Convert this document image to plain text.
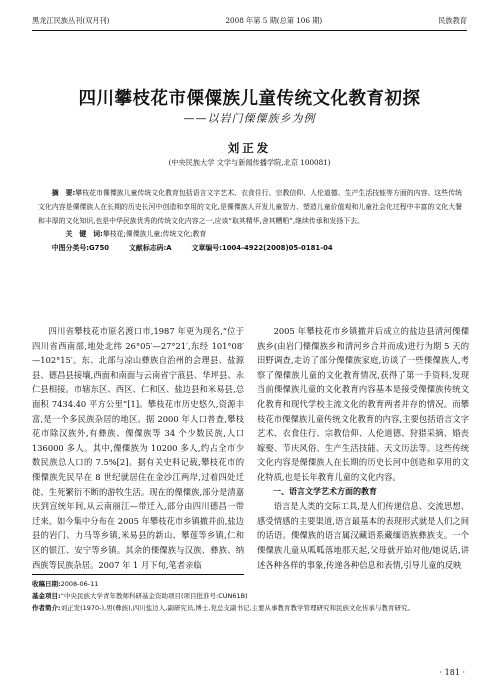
黑龙江民族丛刊(双月刊)	2008 年第 5 期(总第 106 期)	民族教育
四川攀枝花市傈僳族儿童传统文化教育初探
——以岩门傈僳族乡为例
刘正发
(中央民族大学 文学与新闻传播学院,北京 100081)

摘　要:攀枝花市傈僳族儿童传统文化教育包括语言文字艺术、衣食住行、宗教信仰、人伦道德、生产生活技能等方面的内容。这些传统文化内容是傈僳族人在长期的历史长河中创造和享用的文化,是傈僳族人开发儿童智力、塑造儿童价值观和儿童社会化过程中丰富的文化大餐和丰厚的文化知识,也是中华民族优秀的传统文化内容之一,应该“取其精华,舍其糟粕”,继续传承和发扬下去。

关　键　词:攀枝花;傈僳族儿童;传统文化;教育

中图分类号:G750	文献标志码:A	文章编号:1004-4922(2008)05-0181-04

四川省攀枝花市原名渡口市,1987 年更为现名,“位于四川省西南部,地处北纬 26°05′—27°21′,东经 101°08′—102°15′。东、北部与凉山彝族自治州的会理县、盐源县、德昌县接壤,西面和南面与云南省宁蒗县、华坪县、永仁县相接。市辖东区、西区、仁和区、盐边县和米易县,总面积 7434.40 平方公里”[1]。攀枝花市历史悠久,资源丰富,是一个多民族杂居的地区。据 2000 年人口普查,攀枝花市除汉族外,有彝族、傈僳族等 34 个少数民族,人口 136000 多人。其中,傈僳族为 10200 多人,约占全市少数民族总人口的 7.5%[2]。据有关史料记载,攀枝花市的傈僳族先民早在 8 世纪就居住在金沙江两岸,过着四处迁徙、生死繁衍不断的游牧生活。现在的傈僳族,部分是清嘉庆到宣统年间,从云南丽江—带迁入,部分由四川德昌一带迁来。如今集中分布在 2005 年攀枝花市乡镇撤并前,盐边县的岩门、力马等乡镇,米易县的新山、攀莲等乡镇,仁和区的银江、安宁等乡镇。其余的傈僳族与汉族、彝族、纳西族等民族杂居。2007 年 1 月下旬,笔者亲临

2005 年攀枝花市乡镇撤并后成立的盐边县清河傈僳族乡(由岩门傈僳族乡和清河乡合并而成)进行为期 5 天的田野调查,走访了部分傈僳族家庭,访谈了一些傈僳族人,考察了傈僳族儿童的文化教育情况,获得了第一手资料,发现当前傈僳族儿童的文化教育内容基本是接受傈僳族传统文化教育和现代学校主流文化的教育两者并存的情况。而攀枝花市傈僳族儿童传统文化教育的内容,主要包括语言文字艺术、衣食住行、宗教信仰、人伦道德、狩猎采摘、婚丧嫁娶、节庆风俗、生产生活技能、天文历法等。这些传统文化内容是傈僳族人在长期的历史长河中创造和享用的文化特质,也是长年教育儿童的文化内容。

一、语言文学艺术方面的教育

语言是人类的交际工具,是人们传递信息、交流思想、感受情感的主要渠道,语言最基本的表现形式就是人们之间的话语。傈僳族的语言属汉藏语系藏缅语族彝族支。一个傈僳族儿童从呱呱落地那天起,父母就开始对他/她说话,讲述各种各样的事象,传递各种信息和表情,引导儿童的反映

收稿日期:2008-06-11

基金项目:“中央民族大学青年教师科研基金资助项目(项目批准号:CUN61B)

作者简介:刘正发(1970-),男(彝族),四川盐边人,副研究员,博士,党总支副书记,主要从事教育教学管理研究和民族文化传承与教育研究。

· 181 ·
